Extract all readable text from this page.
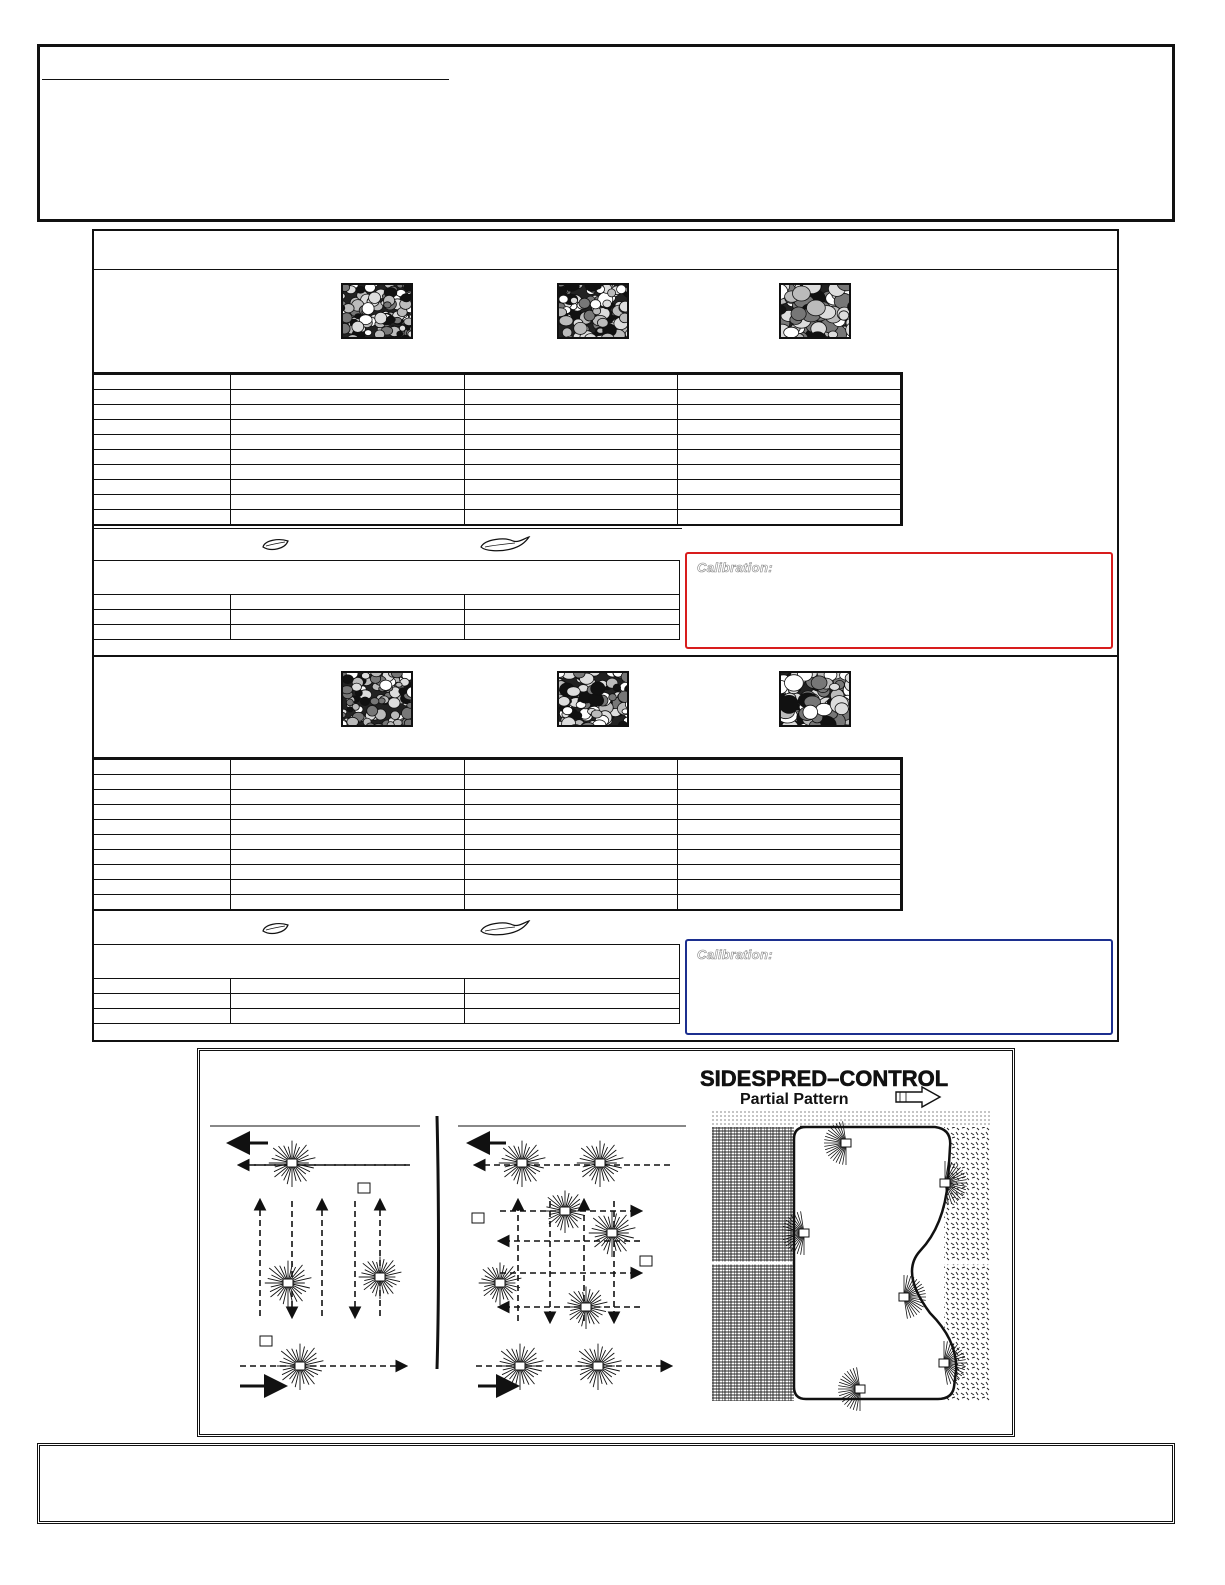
Calibration:

Calibration:
SIDESPRED–CONTROL
Partial Pattern
